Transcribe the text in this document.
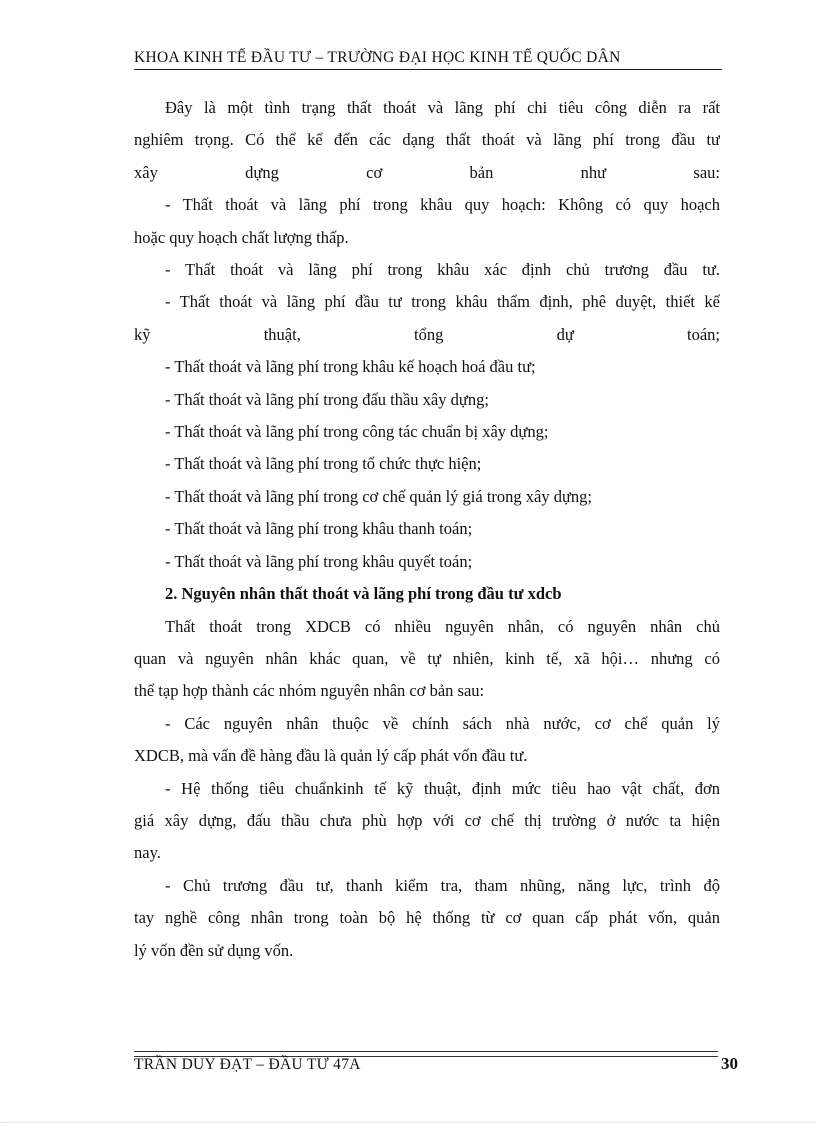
KHOA KINH TẾ ĐẦU TƯ – TRƯỜNG ĐẠI HỌC KINH TẾ QUỐC DÂN
Đây là một tình trạng thất thoát và lãng phí chi tiêu công diễn ra rất
nghiêm trọng. Có thể kể đến các dạng thất thoát và lãng phí trong đầu tư
xây dựng cơ bản như sau:
- Thất thoát và lãng phí trong khâu quy hoạch: Không có quy hoạch
hoặc quy hoạch chất lượng thấp.
- Thất thoát và lãng phí trong khâu xác định chủ trương đầu tư.
- Thất thoát và lãng phí đầu tư trong khâu thẩm định, phê duyệt, thiết kế
kỹ thuật, tổng dự toán;
- Thất thoát và lãng phí trong khâu kế hoạch hoá đầu tư;
- Thất thoát và lãng phí trong đấu thầu xây dựng;
- Thất thoát và lãng phí trong công tác chuẩn bị xây dựng;
- Thất thoát và lãng phí trong tổ chức thực hiện;
- Thất thoát và lãng phí trong cơ chế quản lý giá trong xây dựng;
- Thất thoát và lãng phí trong khâu thanh toán;
- Thất thoát và lãng phí trong khâu quyết toán;
2. Nguyên nhân thất thoát và lãng phí trong đầu tư xdcb
Thất thoát trong XDCB có nhiều nguyên nhân, có nguyên nhân chủ
quan và nguyên nhân khác quan, về tự nhiên, kinh tế, xã hội… nhưng có
thể tạp hợp thành các nhóm nguyên nhân cơ bản sau:
- Các nguyên nhân thuộc về chính sách nhà nước, cơ chế quản lý
XDCB, mà vấn đề hàng đầu là quản lý cấp phát vốn đầu tư.
- Hệ thống tiêu chuẩnkinh tế kỹ thuật, định mức tiêu hao vật chất, đơn
giá xây dựng, đấu thầu chưa phù hợp với cơ chế thị trường ở nước ta hiện
nay.
- Chủ trương đầu tư, thanh kiểm tra, tham nhũng, năng lực, trình độ
tay nghề công nhân trong toàn bộ hệ thống từ cơ quan cấp phát vốn, quản
lý vốn đền sử dụng vốn.
TRẦN DUY ĐẠT – ĐẦU TƯ 47A	30
